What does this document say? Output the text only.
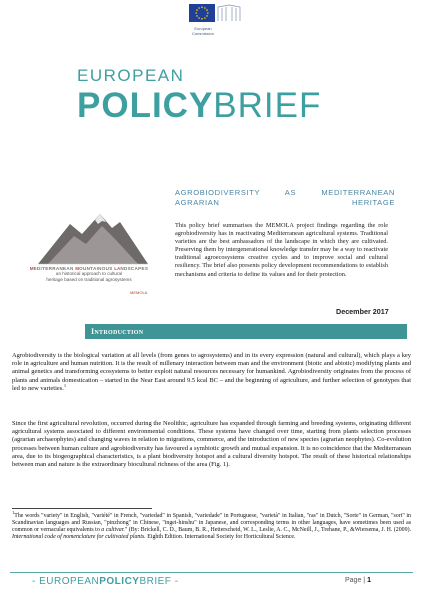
European
Commission
EUROPEAN
POLICYBRIEF
MEDITERRANEAN MOUNTAINOUS LANDSCAPES
an historical approach to cultural
heritage based on traditional agrosystems
MEMOLA
AGROBIODIVERSITY AS MEDITERRANEAN AGRARIAN HERITAGE
This policy brief summarises the MEMOLA project findings regarding the role agrobiodiversity has in reactivating Mediterranean agricultural systems. Traditional varieties are the best ambassadors of the landscape in which they are cultivated. Preserving them by intergenerational knowledge transfer may be a way to reactivate traditional agroecosystems creative cycles and to improve social and cultural resiliency. The brief also presents policy development recommendations to establish mechanisms and criteria to define its values and for their protection.
December 2017
Introduction
Agrobiodiversity is the biological variation at all levels (from genes to agrosystems) and in its every expression (natural and cultural), which plays a key role in agriculture and human nutrition. It is the result of millenary interaction between man and the environment (biotic and abiotic) modifying plants and animal genetics and transforming ecosystems to better exploit natural resources necessary for humankind. Agrobiodiversity originates from the process of plants and animals domestication – started in the Near East around 9.5 kcal BC – and the beginning of agriculture, and further selection of genotypes that led to new varieties.$^1$
Since the first agricultural revolution, occurred during the Neolithic, agriculture has expanded through farming and breeding systems, originating different agricultural systems associated to different environmental conditions. These systems have changed over time, starting from plants selection processes (agrarian archaeophytes) and changing waves in relation to migrations, commerce, and the introduction of new species (agrarian neophytes). Co-evolution processes between human culture and agrobiodiversity has favoured a symbiotic growth and mutual expansion. It is no coincidence that the Mediterranean area, due to its biogeographical characteristics, is a plant biodiversity hotspot and a cultural diversity hotspot. The result of these historical relationships between man and nature is the extraordinary biocultural richness of the area (Fig. 1).
$^1$The words "variety" in English, "variété" in French, "variedad" in Spanish, "variedade" in Portuguese, "varietà" in Italian, "ras" in Dutch, "Sorte" in German, "sort" in Scandinavian languages and Russian, "pinzhong" in Chinese, "ingei-hinshu" in Japanese, and corresponding terms in other languages, have sometimes been used as common or vernacular equivalents to a cultivar." (By: Brickell, C. D., Baum, B. R., Hetterscheid, W. L., Leslie, A. C., McNeill, J., Trehane, P., &Wiersema, J. H. (2009). International code of nomenclature for cultivated plants. Eighth Edition. International Society for Horticultural Science.
- EUROPEANPOLICYBRIEF -	Page | 1
